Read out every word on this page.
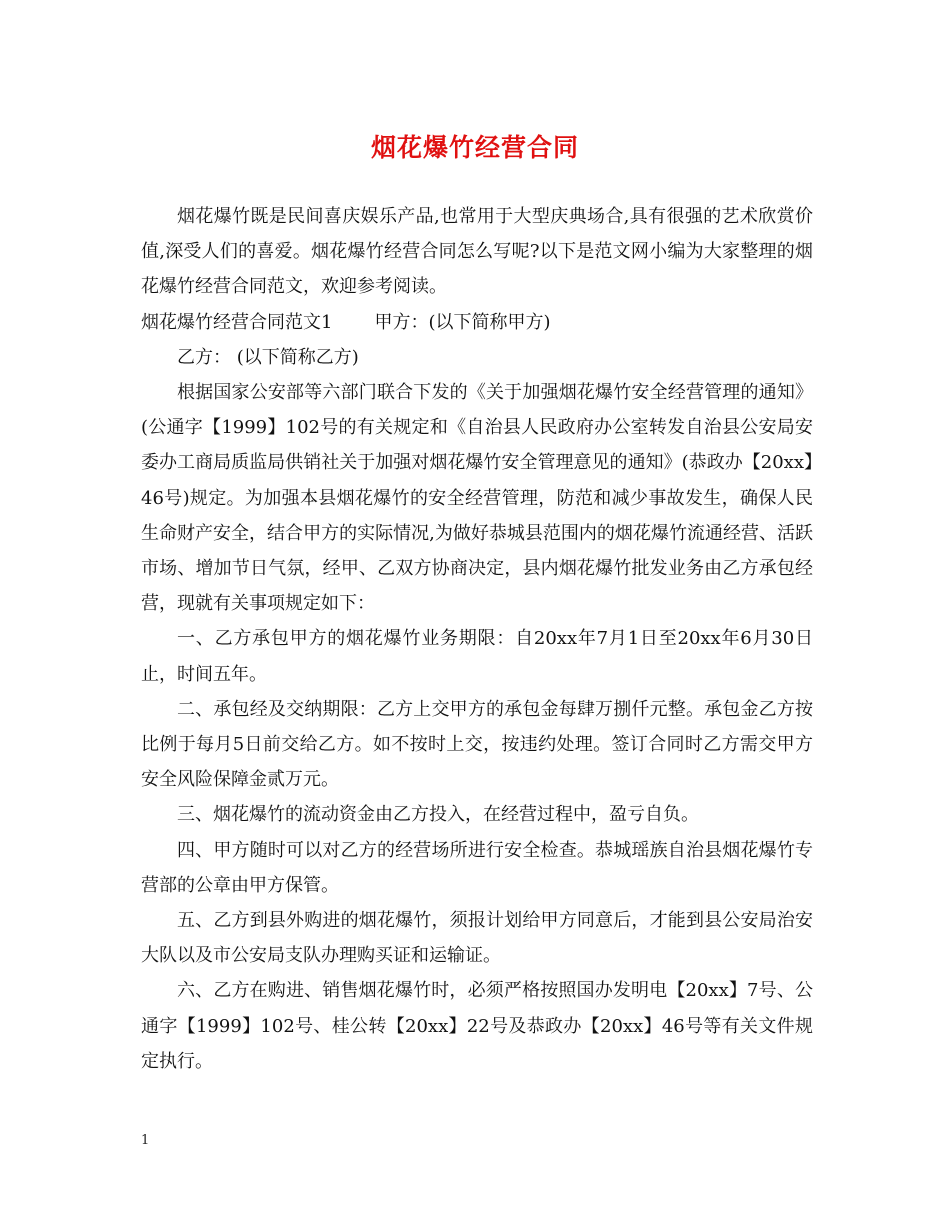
烟花爆竹经营合同

烟花爆竹既是民间喜庆娱乐产品,也常用于大型庆典场合,具有很强的艺术欣赏价值,深受人们的喜爱。烟花爆竹经营合同怎么写呢?以下是范文网小编为大家整理的烟花爆竹经营合同范文，欢迎参考阅读。

烟花爆竹经营合同范文1 甲方：(以下简称甲方)

乙方： (以下简称乙方)

根据国家公安部等六部门联合下发的《关于加强烟花爆竹安全经营管理的通知》(公通字【1999】102号的有关规定和《自治县人民政府办公室转发自治县公安局安委办工商局质监局供销社关于加强对烟花爆竹安全管理意见的通知》(恭政办【20xx】46号)规定。为加强本县烟花爆竹的安全经营管理，防范和减少事故发生，确保人民生命财产安全，结合甲方的实际情况,为做好恭城县范围内的烟花爆竹流通经营、活跃市场、增加节日气氛，经甲、乙双方协商决定，县内烟花爆竹批发业务由乙方承包经营，现就有关事项规定如下：

一、乙方承包甲方的烟花爆竹业务期限：自20xx年7月1日至20xx年6月30日止，时间五年。

二、承包经及交纳期限：乙方上交甲方的承包金每肆万捌仟元整。承包金乙方按比例于每月5日前交给乙方。如不按时上交，按违约处理。签订合同时乙方需交甲方安全风险保障金贰万元。

三、烟花爆竹的流动资金由乙方投入，在经营过程中，盈亏自负。

四、甲方随时可以对乙方的经营场所进行安全检查。恭城瑶族自治县烟花爆竹专营部的公章由甲方保管。

五、乙方到县外购进的烟花爆竹，须报计划给甲方同意后，才能到县公安局治安大队以及市公安局支队办理购买证和运输证。

六、乙方在购进、销售烟花爆竹时，必须严格按照国办发明电【20xx】7号、公通字【1999】102号、桂公转【20xx】22号及恭政办【20xx】46号等有关文件规定执行。

1
